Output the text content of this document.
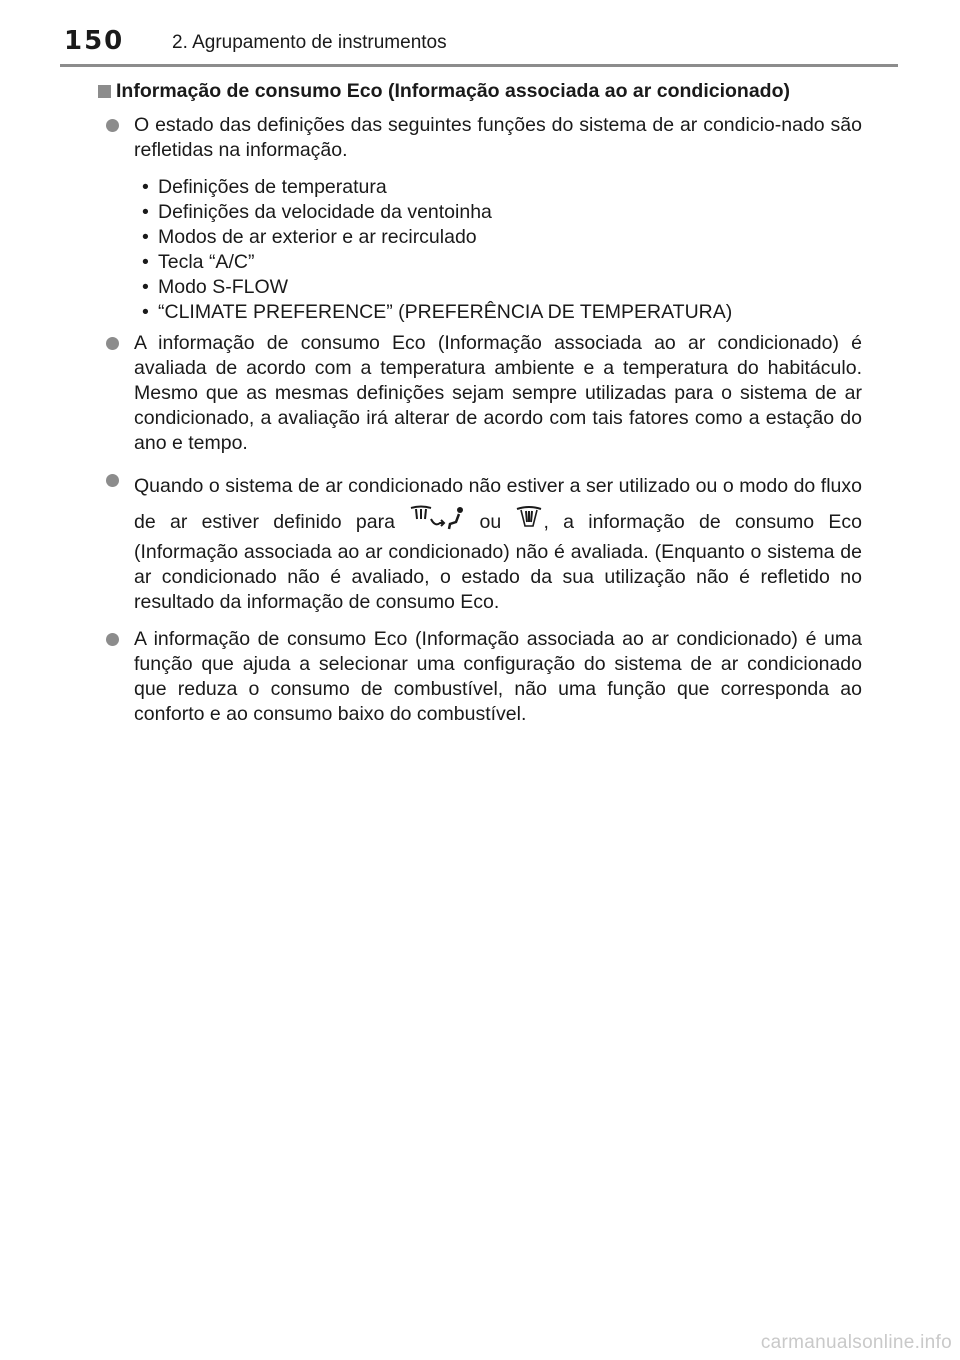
150	2. Agrupamento de instrumentos
Informação de consumo Eco (Informação associada ao ar condicionado)
O estado das definições das seguintes funções do sistema de ar condicio-nado são refletidas na informação.
• Definições de temperatura
• Definições da velocidade da ventoinha
• Modos de ar exterior e ar recirculado
• Tecla “A/C”
• Modo S-FLOW
• “CLIMATE PREFERENCE” (PREFERÊNCIA DE TEMPERATURA)
A informação de consumo Eco (Informação associada ao ar condicionado) é avaliada de acordo com a temperatura ambiente e a temperatura do habitáculo. Mesmo que as mesmas definições sejam sempre utilizadas para o sistema de ar condicionado, a avaliação irá alterar de acordo com tais fatores como a estação do ano e tempo.
Quando o sistema de ar condicionado não estiver a ser utilizado ou o modo do fluxo de ar estiver definido para	ou , a informação de consumo Eco (Informação associada ao ar condicionado) não é avaliada. (Enquanto o sistema de ar condicionado não é avaliado, o estado da sua utilização não é refletido no resultado da informação de consumo Eco.
A informação de consumo Eco (Informação associada ao ar condicionado) é uma função que ajuda a selecionar uma configuração do sistema de ar condicionado que reduza o consumo de combustível, não uma função que corresponda ao conforto e ao consumo baixo do combustível.
carmanualsonline.info
